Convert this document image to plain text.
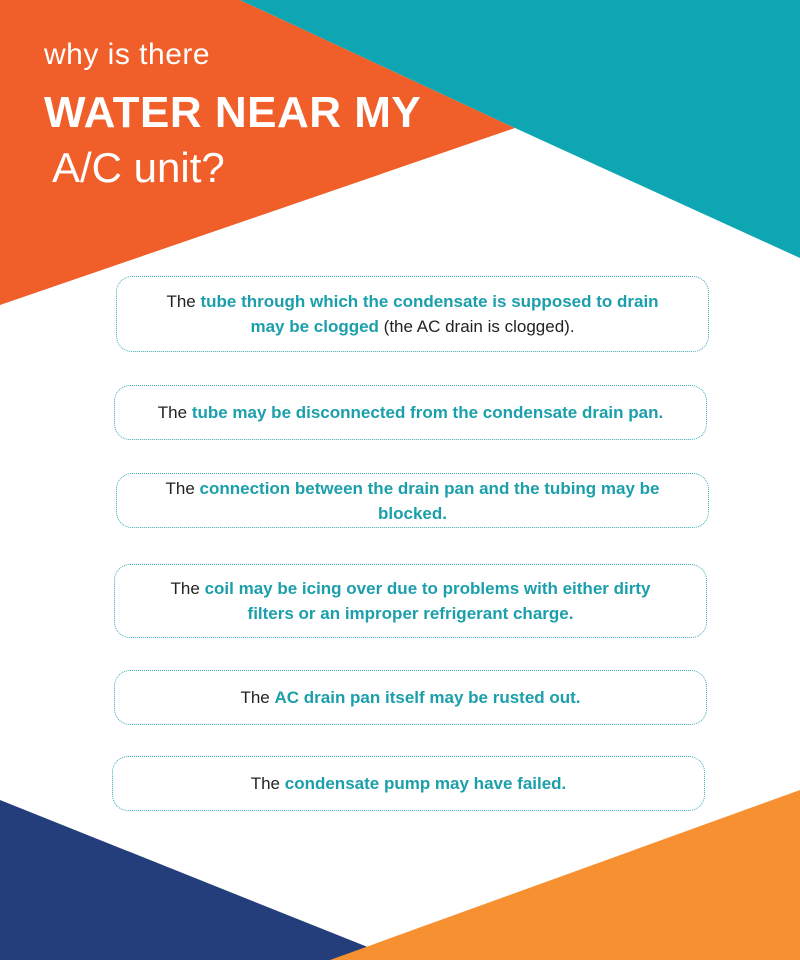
why is there
WATER NEAR MY
A/C unit?
The tube through which the condensate is supposed to drain may be clogged (the AC drain is clogged).
The tube may be disconnected from the condensate drain pan.
The connection between the drain pan and the tubing may be blocked.
The coil may be icing over due to problems with either dirty filters or an improper refrigerant charge.
The AC drain pan itself may be rusted out.
The condensate pump may have failed.
